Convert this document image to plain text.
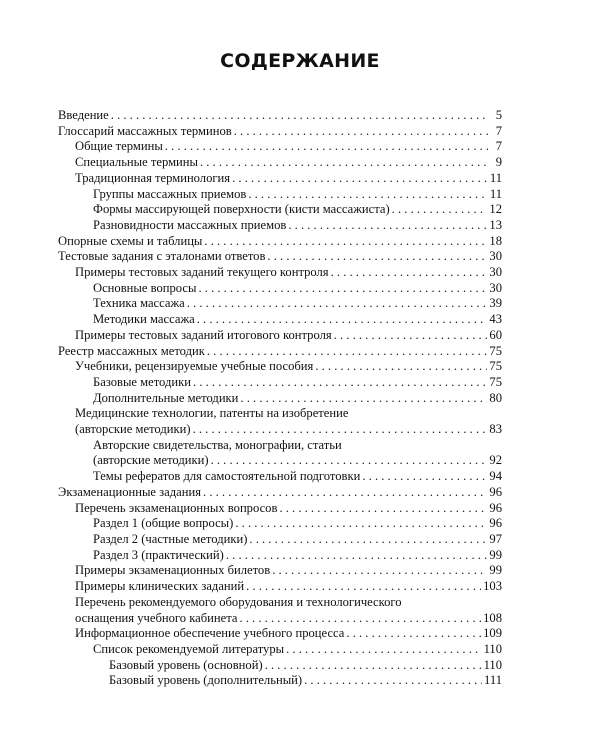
СОДЕРЖАНИЕ
Введение . . .	5
Глоссарий массажных терминов . . .	7
Общие термины . . .	7
Специальные термины . . .	9
Традиционная терминология . . .	11
Группы массажных приемов . . .	11
Формы массирующей поверхности (кисти массажиста) . . .	12
Разновидности массажных приемов . . .	13
Опорные схемы и таблицы . . .	18
Тестовые задания с эталонами ответов . . .	30
Примеры тестовых заданий текущего контроля . . .	30
Основные вопросы . . .	30
Техника массажа . . .	39
Методики массажа . . .	43
Примеры тестовых заданий итогового контроля . . .	60
Реестр массажных методик . . .	75
Учебники, рецензируемые учебные пособия . . .	75
Базовые методики . . .	75
Дополнительные методики . . .	80
Медицинские технологии, патенты на изобретение
(авторские методики) . . .	83
Авторские свидетельства, монографии, статьи
(авторские методики) . . .	92
Темы рефератов для самостоятельной подготовки . . .	94
Экзаменационные задания . . .	96
Перечень экзаменационных вопросов . . .	96
Раздел 1 (общие вопросы) . . .	96
Раздел 2 (частные методики) . . .	97
Раздел 3 (практический) . . .	99
Примеры экзаменационных билетов . . .	99
Примеры клинических заданий . . .	103
Перечень рекомендуемого оборудования и технологического
оснащения учебного кабинета . . .	108
Информационное обеспечение учебного процесса . . .	109
Список рекомендуемой литературы . . .	110
Базовый уровень (основной) . . .	110
Базовый уровень (дополнительный) . . .	111
